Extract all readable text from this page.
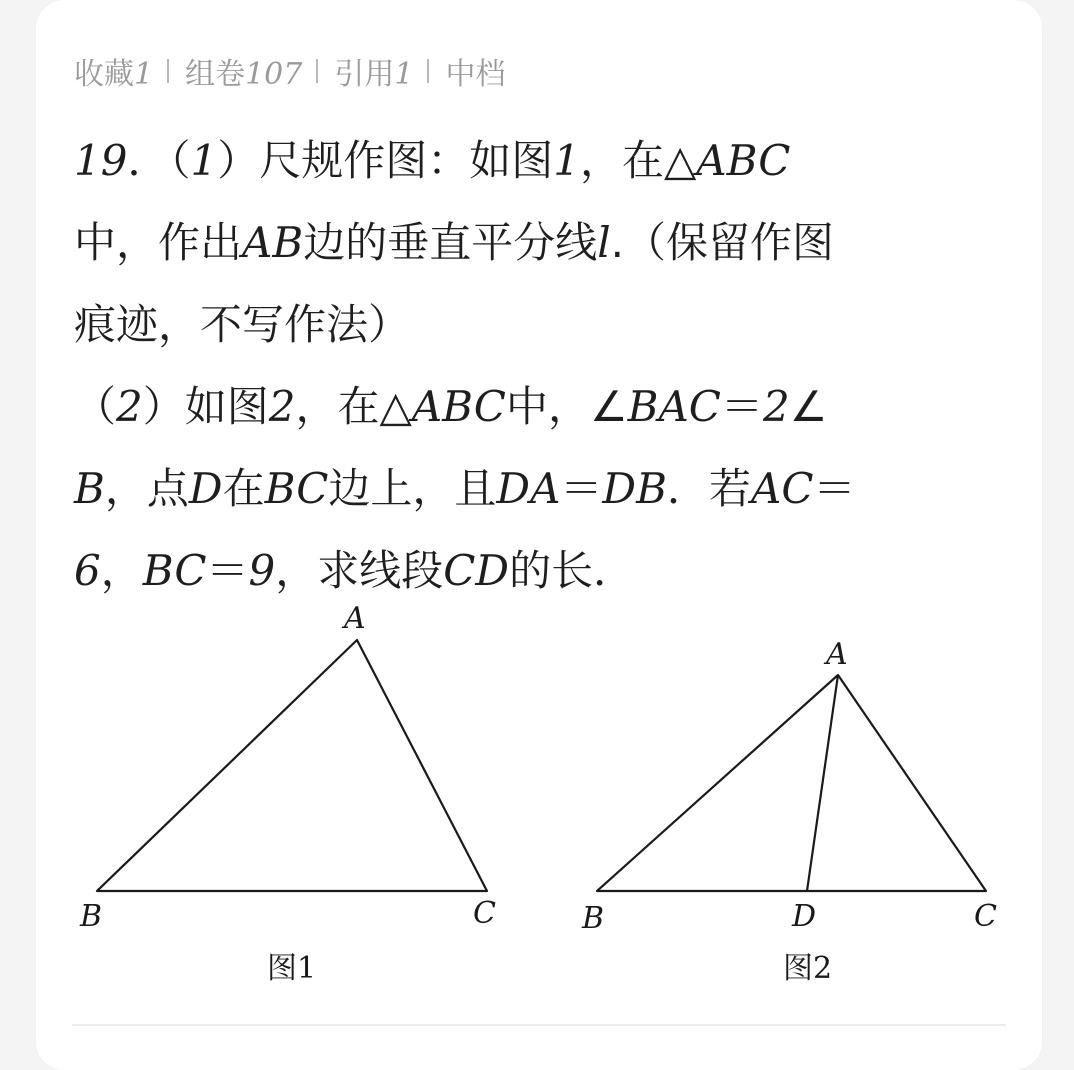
收藏1 组卷107 引用1 中档
19．（1）尺规作图：如图1，在△ABC
中，作出AB边的垂直平分线l.（保留作图
痕迹，不写作法）
（2）如图2，在△ABC中，∠BAC＝2∠
B，点D在BC边上，且DA＝DB．若AC＝
6，BC＝9，求线段CD的长．
A
B	C
图1
A
B	D	C
图2
